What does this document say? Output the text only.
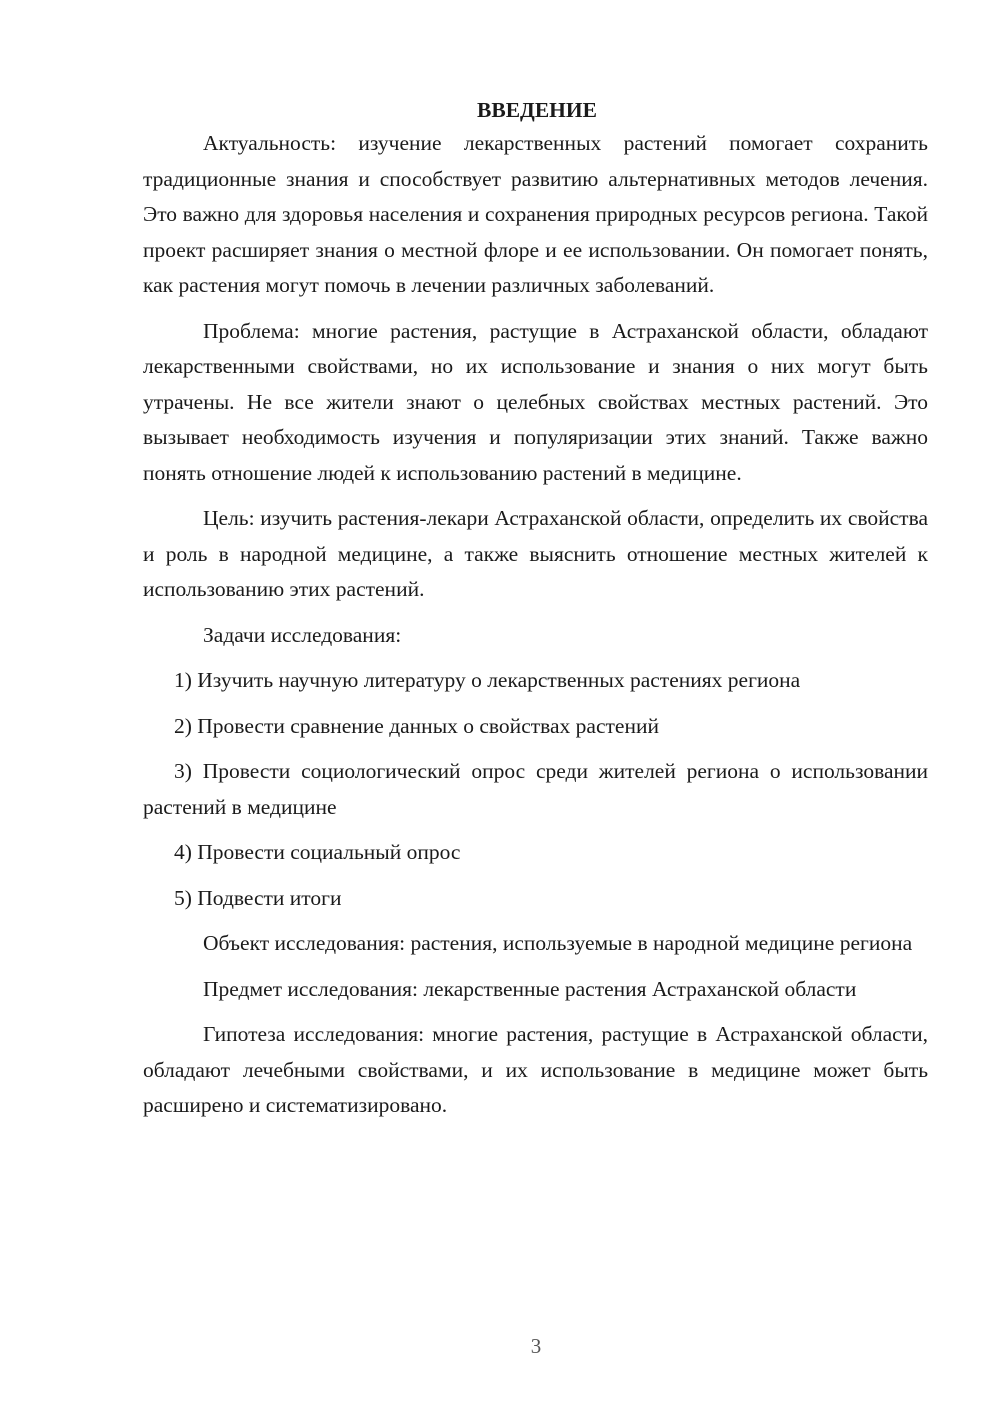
ВВЕДЕНИЕ

Актуальность: изучение лекарственных растений помогает сохранить традиционные знания и способствует развитию альтернативных методов лечения. Это важно для здоровья населения и сохранения природных ресурсов региона. Такой проект расширяет знания о местной флоре и ее использовании. Он помогает понять, как растения могут помочь в лечении различных заболеваний.

Проблема: многие растения, растущие в Астраханской области, обладают лекарственными свойствами, но их использование и знания о них могут быть утрачены. Не все жители знают о целебных свойствах местных растений. Это вызывает необходимость изучения и популяризации этих знаний. Также важно понять отношение людей к использованию растений в медицине.

Цель: изучить растения-лекари Астраханской области, определить их свойства и роль в народной медицине, а также выяснить отношение местных жителей к использованию этих растений.

Задачи исследования:

1) Изучить научную литературу о лекарственных растениях региона
2) Провести сравнение данных о свойствах растений
3) Провести социологический опрос среди жителей региона о использовании растений в медицине
4) Провести социальный опрос
5) Подвести итоги

Объект исследования: растения, используемые в народной медицине региона

Предмет исследования: лекарственные растения Астраханской области

Гипотеза исследования: многие растения, растущие в Астраханской области, обладают лечебными свойствами, и их использование в медицине может быть расширено и систематизировано.

3
